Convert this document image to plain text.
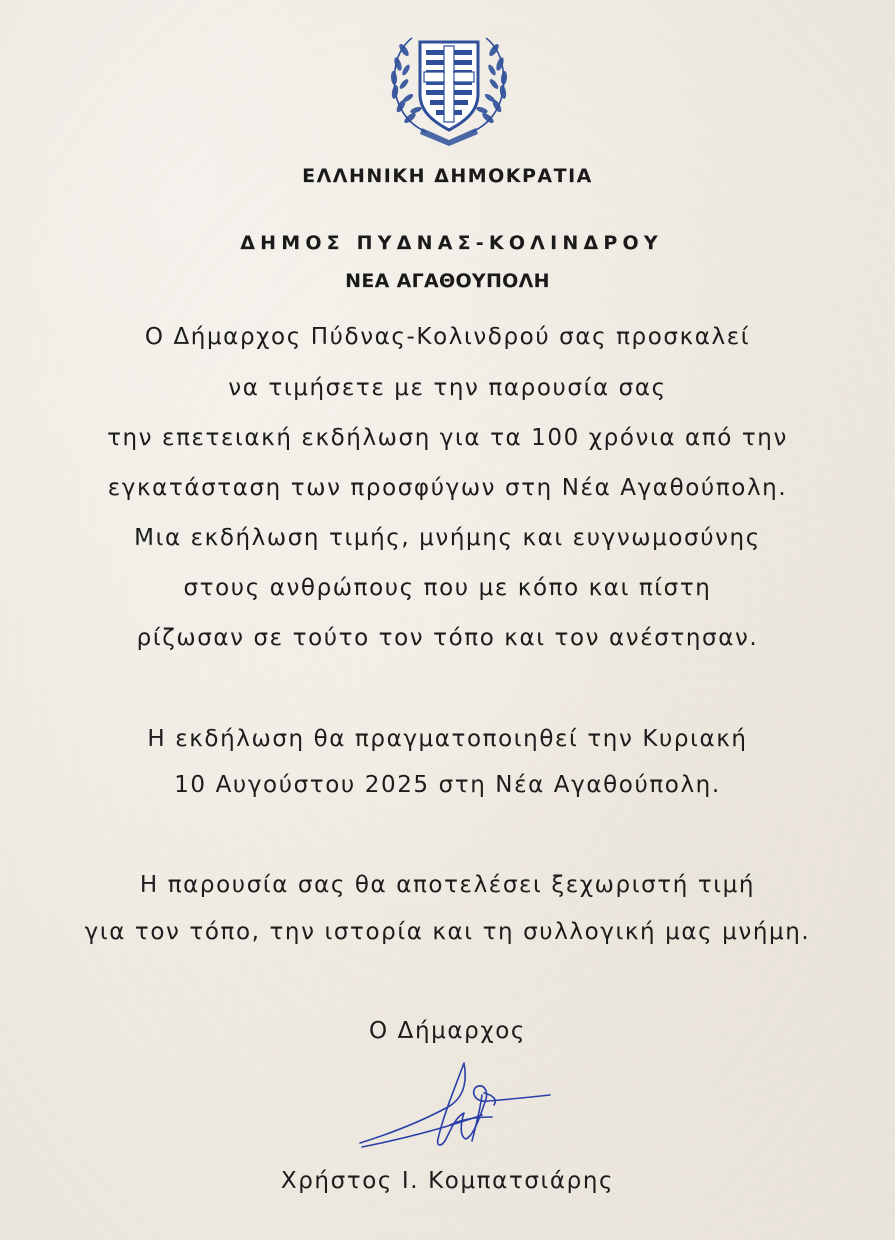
ΕΛΛΗΝΙΚΗ ΔΗΜΟΚΡΑΤΙΑ
ΔΗΜΟΣ ΠΥΔΝΑΣ-ΚΟΛΙΝΔΡΟΥ
ΝΕΑ ΑΓΑΘΟΥΠΟΛΗ
Ο Δήμαρχος Πύδνας-Κολινδρού σας προσκαλεί
να τιμήσετε με την παρουσία σας
την επετειακή εκδήλωση για τα 100 χρόνια από την
εγκατάσταση των προσφύγων στη Νέα Αγαθούπολη.
Μια εκδήλωση τιμής, μνήμης και ευγνωμοσύνης
στους ανθρώπους που με κόπο και πίστη
ρίζωσαν σε τούτο τον τόπο και τον ανέστησαν.
Η εκδήλωση θα πραγματοποιηθεί την Κυριακή
10 Αυγούστου 2025 στη Νέα Αγαθούπολη.
Η παρουσία σας θα αποτελέσει ξεχωριστή τιμή
για τον τόπο, την ιστορία και τη συλλογική μας μνήμη.
Ο Δήμαρχος
Χρήστος Ι. Κομπατσιάρης
